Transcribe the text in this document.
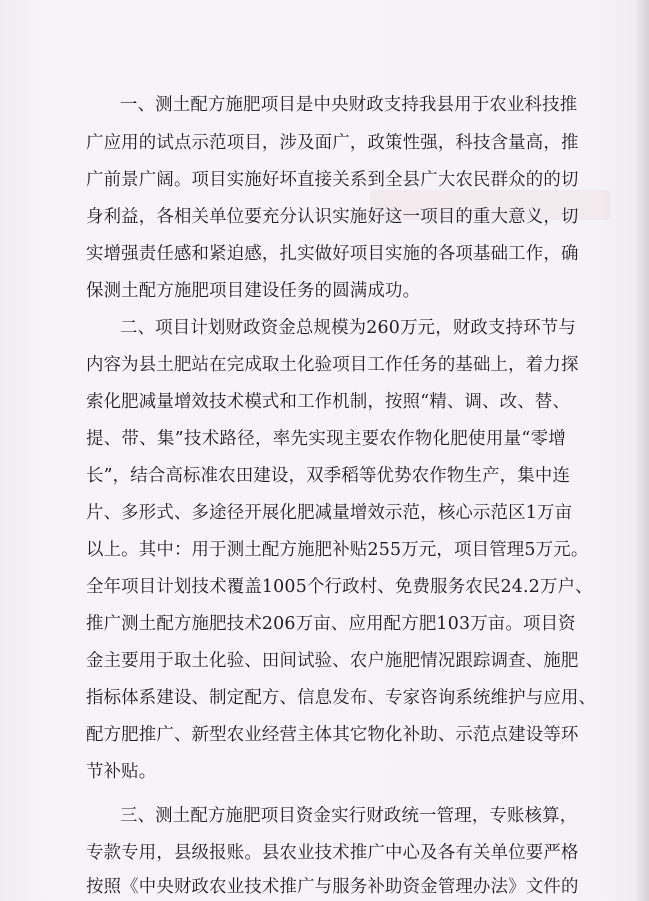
一、测土配方施肥项目是中央财政支持我县用于农业科技推
广应用的试点示范项目，涉及面广，政策性强，科技含量高，推
广前景广阔。项目实施好坏直接关系到全县广大农民群众的的切
身利益，各相关单位要充分认识实施好这一项目的重大意义，切
实增强责任感和紧迫感，扎实做好项目实施的各项基础工作，确
保测土配方施肥项目建设任务的圆满成功。
二、项目计划财政资金总规模为260万元，财政支持环节与
内容为县土肥站在完成取土化验项目工作任务的基础上，着力探
索化肥减量增效技术模式和工作机制，按照“精、调、改、替、
提、带、集”技术路径，率先实现主要农作物化肥使用量“零增
长”，结合高标准农田建设，双季稻等优势农作物生产，集中连
片、多形式、多途径开展化肥减量增效示范，核心示范区1万亩
以上。其中：用于测土配方施肥补贴255万元，项目管理5万元。
全年项目计划技术覆盖1005个行政村、免费服务农民24.2万户、
推广测土配方施肥技术206万亩、应用配方肥103万亩。项目资
金主要用于取土化验、田间试验、农户施肥情况跟踪调查、施肥
指标体系建设、制定配方、信息发布、专家咨询系统维护与应用、
配方肥推广、新型农业经营主体其它物化补助、示范点建设等环
节补贴。
三、测土配方施肥项目资金实行财政统一管理，专账核算，
专款专用，县级报账。县农业技术推广中心及各有关单位要严格
按照《中央财政农业技术推广与服务补助资金管理办法》文件的
